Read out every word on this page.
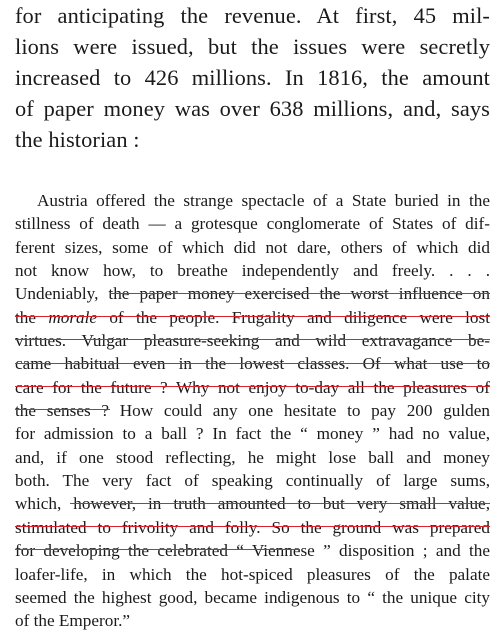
for anticipating the revenue. At first, 45 mil-
lions were issued, but the issues were secretly
increased to 426 millions. In 1816, the amount
of paper money was over 638 millions, and, says
the historian :
Austria offered the strange spectacle of a State buried in the
stillness of death — a grotesque conglomerate of States of dif-
ferent sizes, some of which did not dare, others of which did
not know how, to breathe independently and freely. . . .
Undeniably, the paper money exercised the worst influence on
the morale of the people. Frugality and diligence were lost
virtues. Vulgar pleasure-seeking and wild extravagance be-
came habitual even in the lowest classes. Of what use to
care for the future ? Why not enjoy to-day all the pleasures of
the senses ? How could any one hesitate to pay 200 gulden
for admission to a ball ? In fact the “ money ” had no value,
and, if one stood reflecting, he might lose ball and money
both. The very fact of speaking continually of large sums,
which, however, in truth amounted to but very small value,
stimulated to frivolity and folly. So the ground was prepared
for developing the celebrated “ Viennese ” disposition ; and the
loafer-life, in which the hot-spiced pleasures of the palate
seemed the highest good, became indigenous to “ the unique city
of the Emperor.”
